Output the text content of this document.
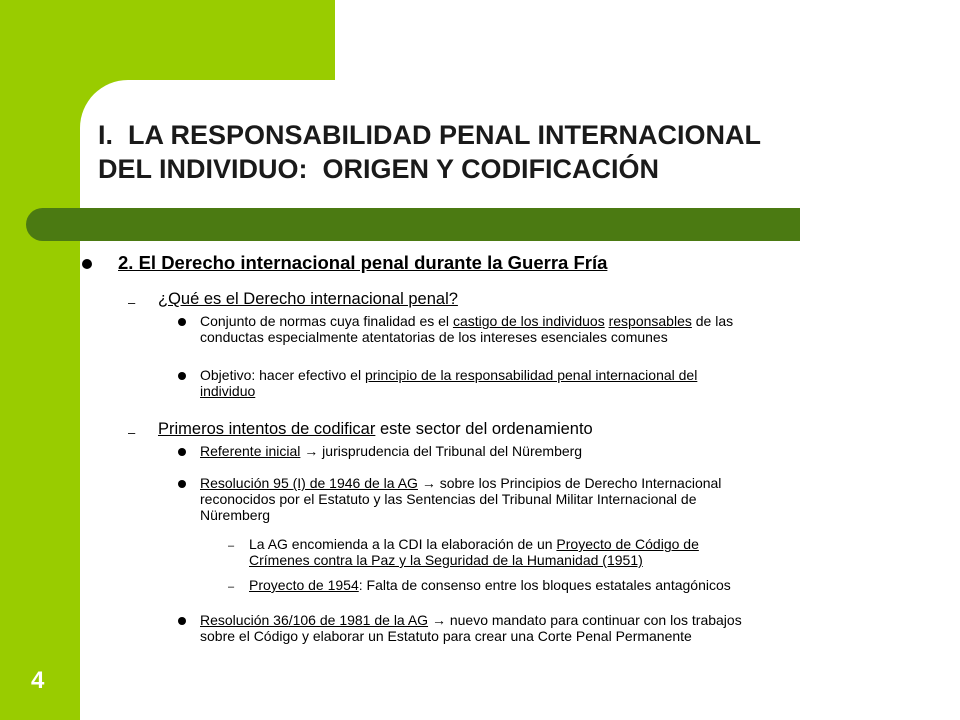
I.  LA RESPONSABILIDAD PENAL INTERNACIONAL
DEL INDIVIDUO:  ORIGEN Y CODIFICACIÓN
4
2. El Derecho internacional penal durante la Guerra Fría
– ¿Qué es el Derecho internacional penal?
Conjunto de normas cuya finalidad es el castigo de los individuos responsables de las
conductas especialmente atentatorias de los intereses esenciales comunes
Objetivo: hacer efectivo el principio de la responsabilidad penal internacional del
individuo
– Primeros intentos de codificar este sector del ordenamiento
Referente inicial → jurisprudencia del Tribunal del Nüremberg
Resolución 95 (I) de 1946 de la AG → sobre los Principios de Derecho Internacional
reconocidos por el Estatuto y las Sentencias del Tribunal Militar Internacional de
Nüremberg
– La AG encomienda a la CDI la elaboración de un Proyecto de Código de
Crímenes contra la Paz y la Seguridad de la Humanidad (1951)
– Proyecto de 1954: Falta de consenso entre los bloques estatales antagónicos
Resolución 36/106 de 1981 de la AG → nuevo mandato para continuar con los trabajos
sobre el Código y elaborar un Estatuto para crear una Corte Penal Permanente
